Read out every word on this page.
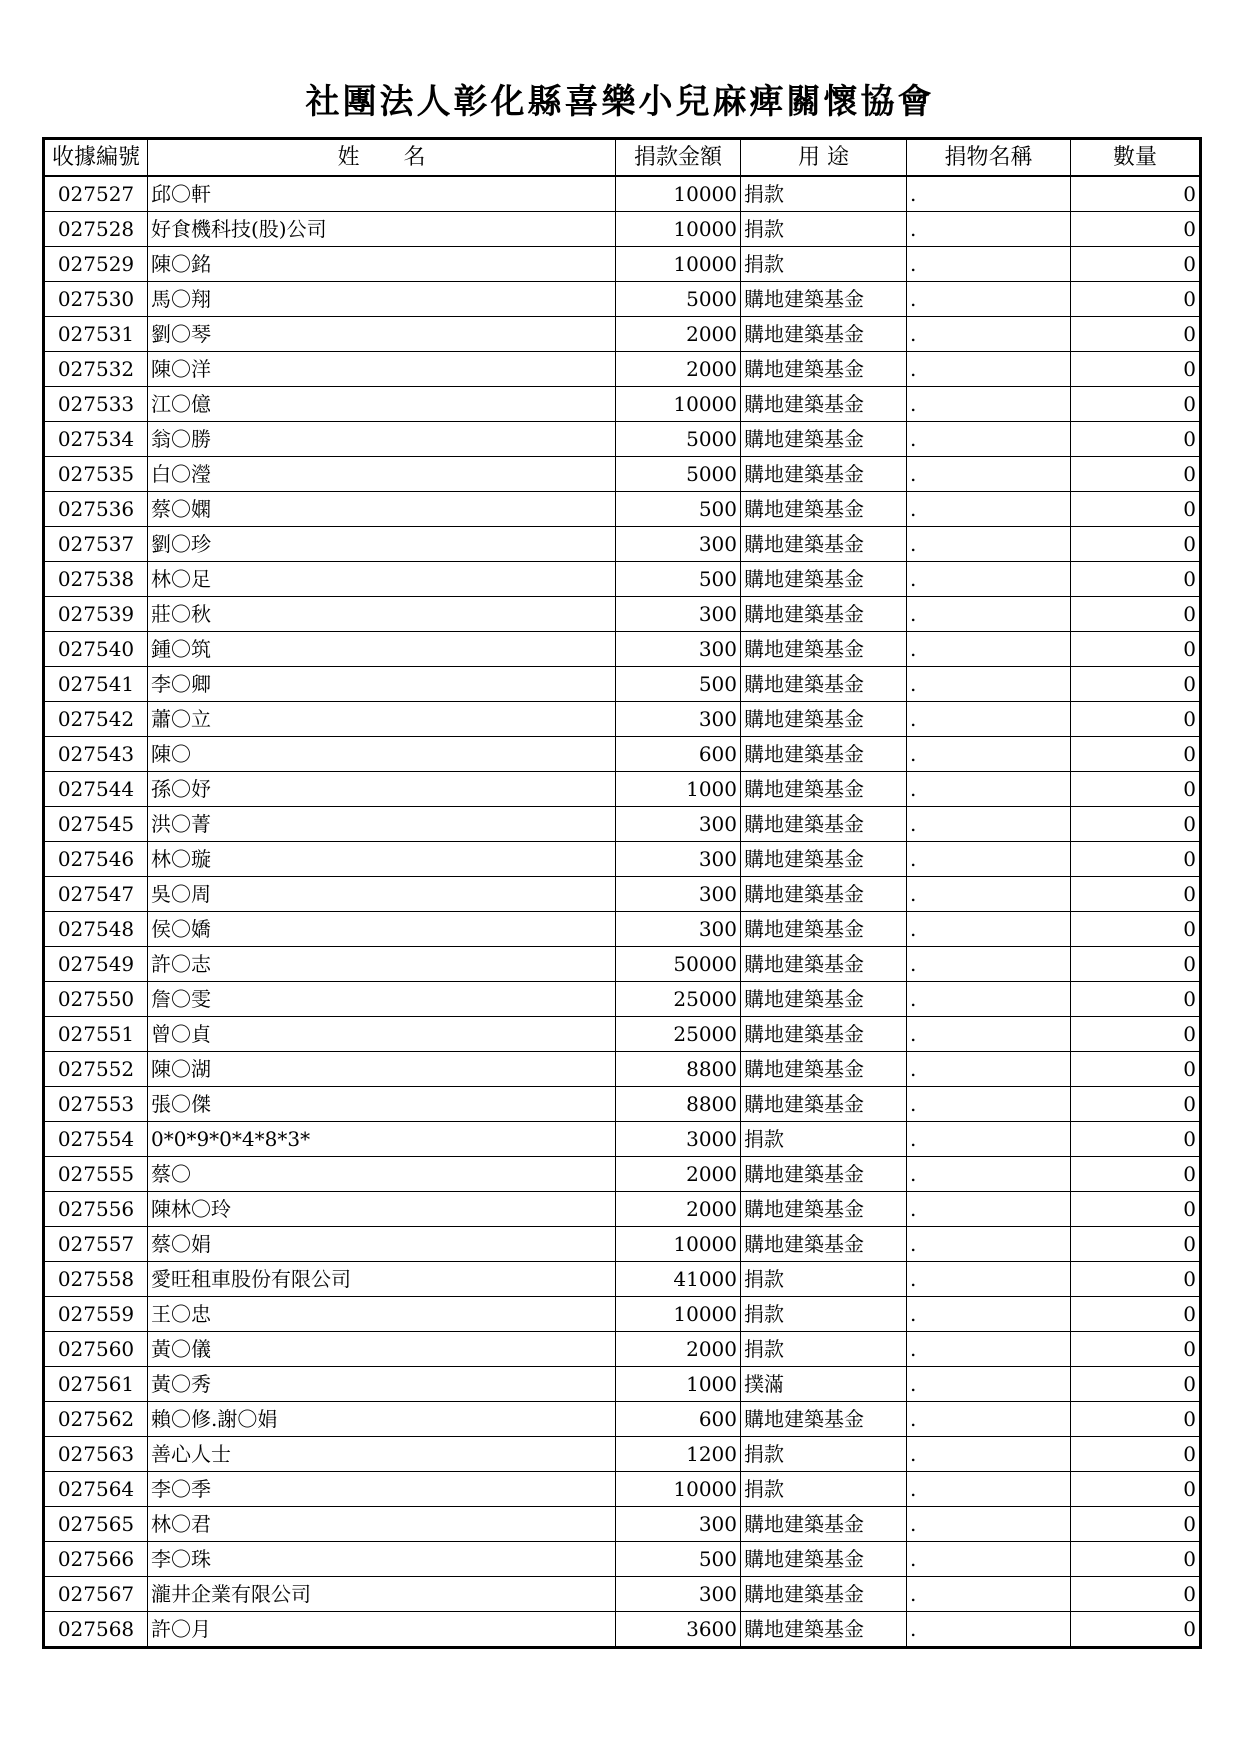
社團法人彰化縣喜樂小兒麻痺關懷協會
收據編號	姓　　名	捐款金額	用 途	捐物名稱	數量
027527	邱〇軒	10000	捐款	.	0
027528	好食機科技(股)公司	10000	捐款	.	0
027529	陳〇銘	10000	捐款	.	0
027530	馬〇翔	5000	購地建築基金	.	0
027531	劉〇琴	2000	購地建築基金	.	0
027532	陳〇洋	2000	購地建築基金	.	0
027533	江〇億	10000	購地建築基金	.	0
027534	翁〇勝	5000	購地建築基金	.	0
027535	白〇瀅	5000	購地建築基金	.	0
027536	蔡〇嫻	500	購地建築基金	.	0
027537	劉〇珍	300	購地建築基金	.	0
027538	林〇足	500	購地建築基金	.	0
027539	莊〇秋	300	購地建築基金	.	0
027540	鍾〇筑	300	購地建築基金	.	0
027541	李〇卿	500	購地建築基金	.	0
027542	蕭〇立	300	購地建築基金	.	0
027543	陳〇	600	購地建築基金	.	0
027544	孫〇妤	1000	購地建築基金	.	0
027545	洪〇菁	300	購地建築基金	.	0
027546	林〇璇	300	購地建築基金	.	0
027547	吳〇周	300	購地建築基金	.	0
027548	侯〇嬌	300	購地建築基金	.	0
027549	許〇志	50000	購地建築基金	.	0
027550	詹〇雯	25000	購地建築基金	.	0
027551	曾〇貞	25000	購地建築基金	.	0
027552	陳〇湖	8800	購地建築基金	.	0
027553	張〇傑	8800	購地建築基金	.	0
027554	0*0*9*0*4*8*3*	3000	捐款	.	0
027555	蔡〇	2000	購地建築基金	.	0
027556	陳林〇玲	2000	購地建築基金	.	0
027557	蔡〇娟	10000	購地建築基金	.	0
027558	愛旺租車股份有限公司	41000	捐款	.	0
027559	王〇忠	10000	捐款	.	0
027560	黃〇儀	2000	捐款	.	0
027561	黃〇秀	1000	撲滿	.	0
027562	賴〇修.謝〇娟	600	購地建築基金	.	0
027563	善心人士	1200	捐款	.	0
027564	李〇季	10000	捐款	.	0
027565	林〇君	300	購地建築基金	.	0
027566	李〇珠	500	購地建築基金	.	0
027567	瀧井企業有限公司	300	購地建築基金	.	0
027568	許〇月	3600	購地建築基金	.	0
